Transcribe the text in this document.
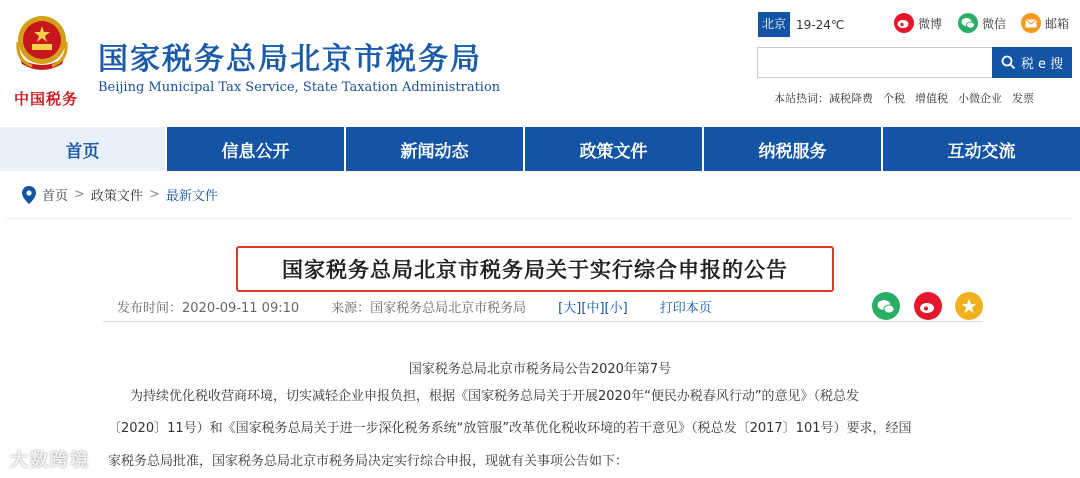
中国税务
国家税务总局北京市税务局
Beijing Municipal Tax Service, State Taxation Administration
北京 19-24℃	微博	微信	邮箱
税 e 搜
本站热词： 减税降费 个税 增值税 小微企业 发票
首页	信息公开	新闻动态	政策文件	纳税服务	互动交流
首页 > 政策文件 > 最新文件
国家税务总局北京市税务局关于实行综合申报的公告
发布时间：2020-09-11 09:10 来源：国家税务总局北京市税务局 [大] [中] [小] 打印本页
国家税务总局北京市税务局公告2020年第7号
为持续优化税收营商环境，切实减轻企业申报负担，根据《国家税务总局关于开展2020年“便民办税春风行动”的意见》（税总发
〔2020〕11号）和《国家税务总局关于进一步深化税务系统“放管服”改革优化税收环境的若干意见》（税总发〔2017〕101号）要求，经国
家税务总局批准，国家税务总局北京市税务局决定实行综合申报，现就有关事项公告如下：
大数跨境
